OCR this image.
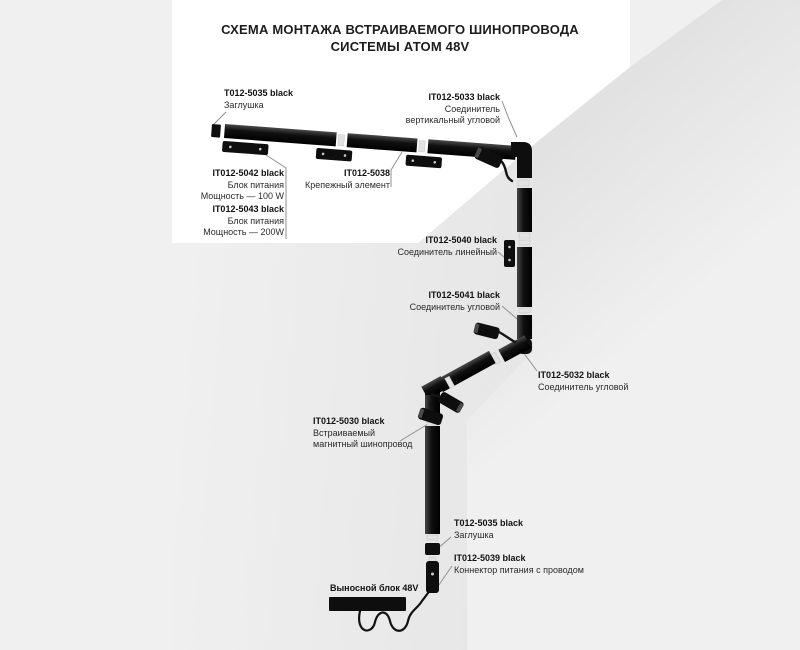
СХЕМА МОНТАЖА ВСТРАИВАЕМОГО ШИНОПРОВОДА
СИСТЕМЫ АТОМ 48V
T012-5035 black
Заглушка
IT012-5033 black
Соединитель
вертикальный угловой
IT012-5042 black
Блок питания
Мощность — 100 W
IT012-5043 black
Блок питания
Мощность — 200W
IT012-5038
Крепежный элемент
IT012-5040 black
Соединитель линейный
IT012-5041 black
Соединитель угловой
IT012-5032 black
Соединитель угловой
IT012-5030 black
Встраиваемый
магнитный шинопровод
T012-5035 black
Заглушка
IT012-5039 black
Коннектор питания с проводом
Выносной блок 48V
